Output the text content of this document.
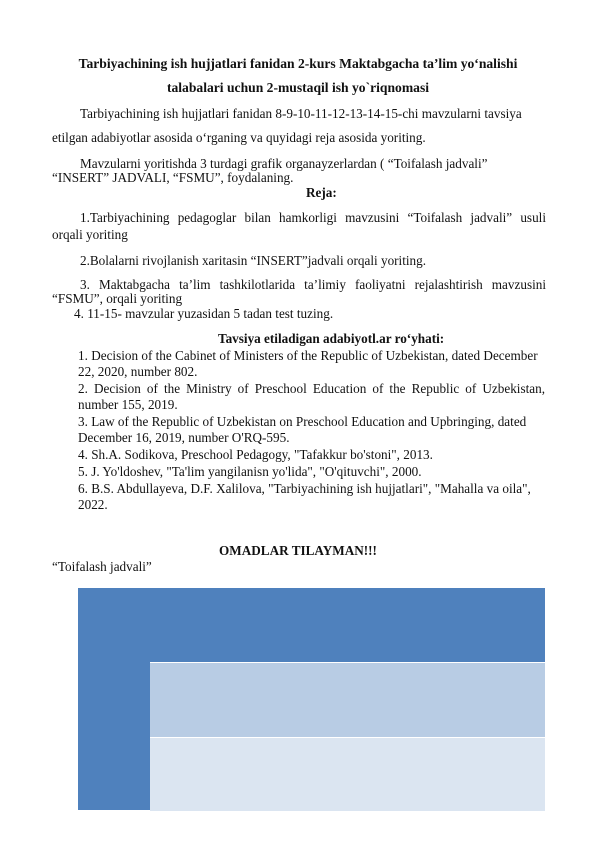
Tarbiyachining ish hujjatlari fanidan 2-kurs Maktabgacha ta’lim yo‘nalishi
talabalari uchun 2-mustaqil ish yo`riqnomasi
Tarbiyachining ish hujjatlari fanidan 8-9-10-11-12-13-14-15-chi mavzularni tavsiya
etilgan adabiyotlar asosida o‘rganing va quyidagi reja asosida yoriting.
Mavzularni yoritishda 3 turdagi grafik organayzerlardan ( “Toifalash jadvali”
“INSERT” JADVALI, “FSMU”, foydalaning.
Reja:
1.Tarbiyachining pedagoglar bilan hamkorligi mavzusini “Toifalash jadvali” usuli
orqali yoriting
2.Bolalarni rivojlanish xaritasin “INSERT”jadvali orqali yoriting.
3. Maktabgacha ta’lim tashkilotlarida ta’limiy faoliyatni rejalashtirish mavzusini
“FSMU”, orqali yoriting
4. 11-15- mavzular yuzasidan 5 tadan test tuzing.
Tavsiya etiladigan adabiyotl.ar ro‘yhati:
1. Decision of the Cabinet of Ministers of the Republic of Uzbekistan, dated December
22, 2020, number 802.
2. Decision of the Ministry of Preschool Education of the Republic of Uzbekistan,
number 155, 2019.
3. Law of the Republic of Uzbekistan on Preschool Education and Upbringing, dated
December 16, 2019, number O'RQ-595.
4. Sh.A. Sodikova, Preschool Pedagogy, "Tafakkur bo'stoni", 2013.
5. J. Yo'ldoshev, "Ta'lim yangilanisn yo'lida", "O'qituvchi", 2000.
6. B.S. Abdullayeva, D.F. Xalilova, "Tarbiyachining ish hujjatlari", "Mahalla va oila",
2022.
OMADLAR TILAYMAN!!!
“Toifalash jadvali”
